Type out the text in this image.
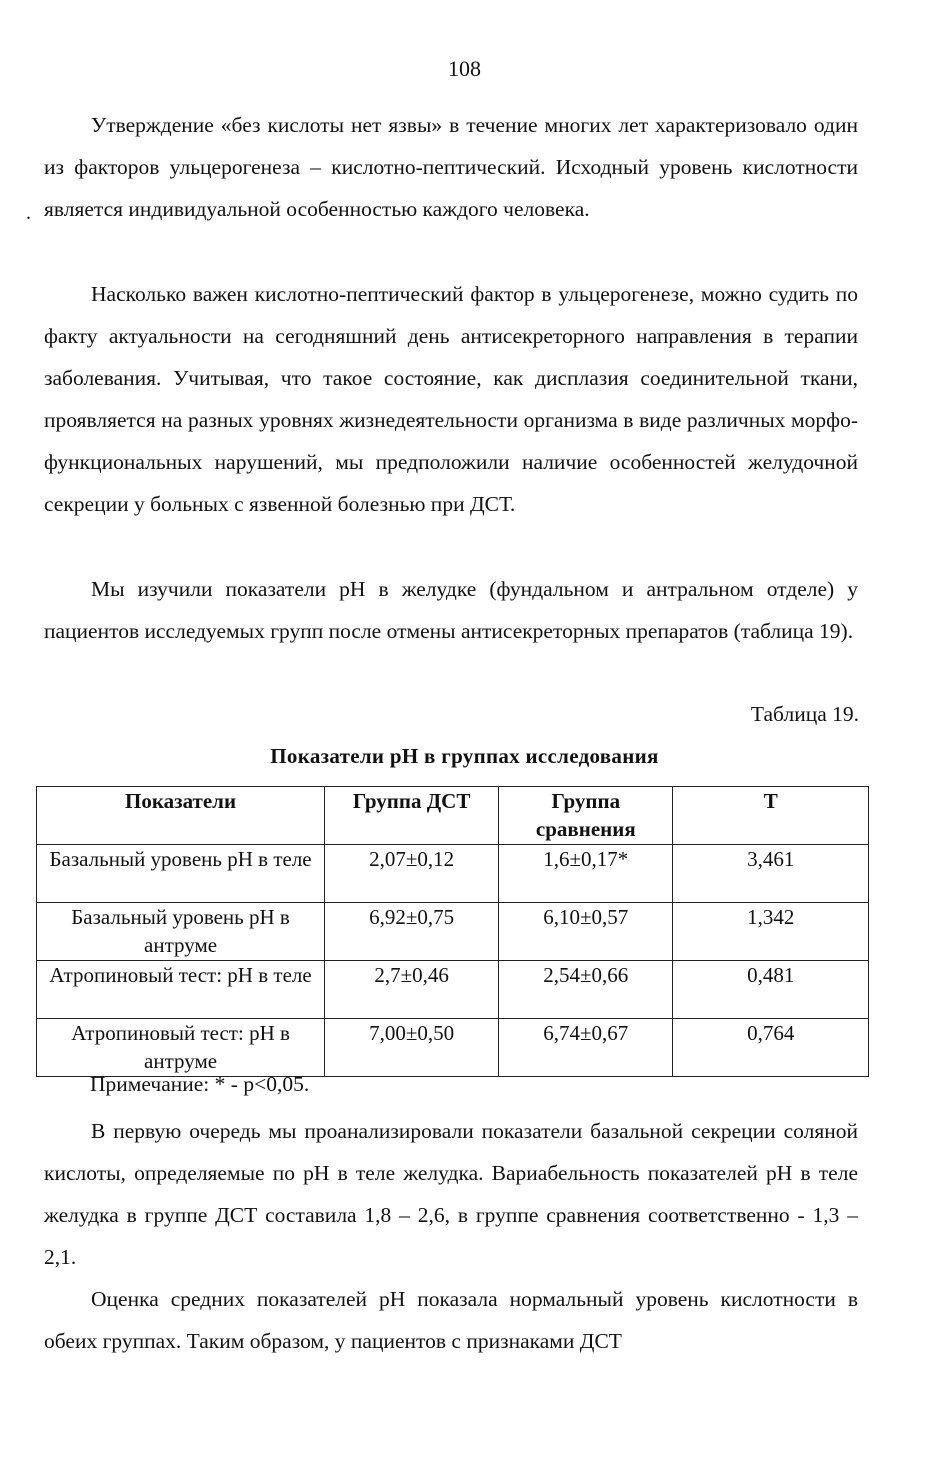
108
.

Утверждение «без кислоты нет язвы» в течение многих лет характеризовало один из факторов ульцерогенеза – кислотно-пептический. Исходный уровень кислотности является индивидуальной особенностью каждого человека.

Насколько важен кислотно-пептический фактор в ульцерогенезе, можно судить по факту актуальности на сегодняшний день антисекреторного направления в терапии заболевания. Учитывая, что такое состояние, как дисплазия соединительной ткани, проявляется на разных уровнях жизнедеятельности организма в виде различных морфо-функциональных нарушений, мы предположили наличие особенностей желудочной секреции у больных с язвенной болезнью при ДСТ.

Мы изучили показатели рН в желудке (фундальном и антральном отделе) у пациентов исследуемых групп после отмены антисекреторных препаратов (таблица 19).

Таблица 19.
Показатели рН в группах исследования
Показатели	Группа ДСТ	Группа сравнения	Т
Базальный уровень рН в теле	2,07±0,12	1,6±0,17*	3,461
Базальный уровень рН в антруме	6,92±0,75	6,10±0,57	1,342
Атропиновый тест: рН в теле	2,7±0,46	2,54±0,66	0,481
Атропиновый тест: рН в антруме	7,00±0,50	6,74±0,67	0,764
Примечание: * - р<0,05.

В первую очередь мы проанализировали показатели базальной секреции соляной кислоты, определяемые по рН в теле желудка. Вариабельность показателей рН в теле желудка в группе ДСТ составила 1,8 – 2,6, в группе сравнения соответственно - 1,3 – 2,1.

Оценка средних показателей рН показала нормальный уровень кислотности в обеих группах. Таким образом, у пациентов с признаками ДСТ
